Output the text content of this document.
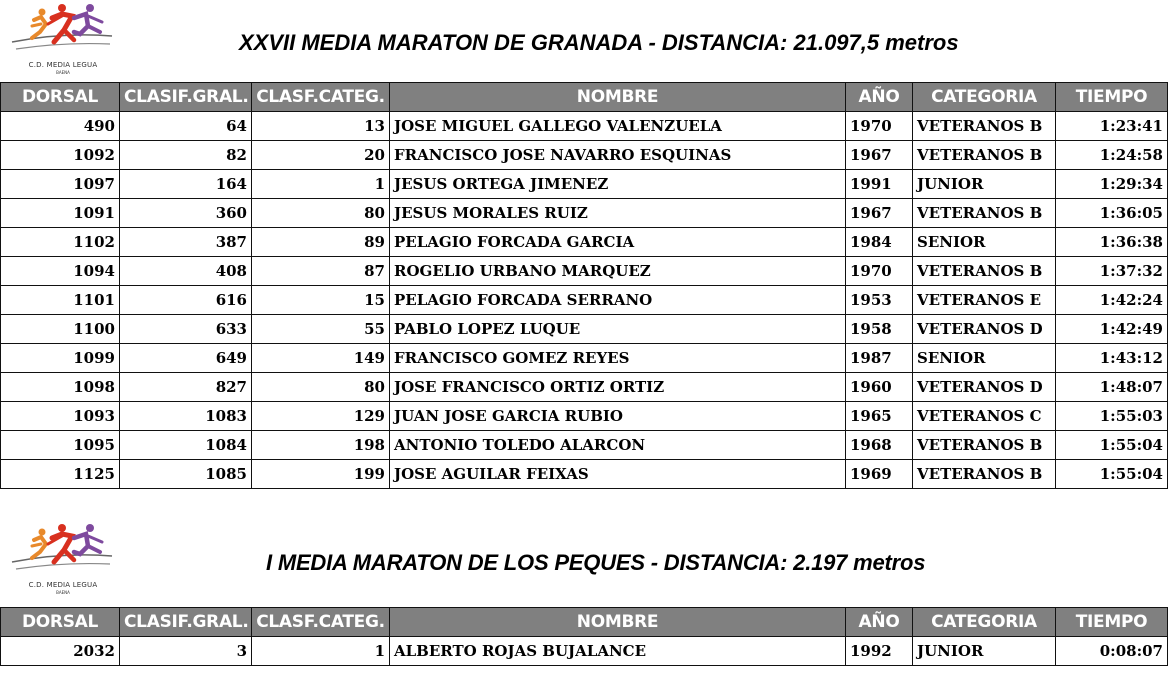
C.D. MEDIA LEGUA
BAENA
XXVII MEDIA MARATON DE GRANADA - DISTANCIA: 21.097,5 metros
DORSAL	CLASIF.GRAL.	CLASF.CATEG.	NOMBRE	AÑO	CATEGORIA	TIEMPO
490	64	13	JOSE MIGUEL GALLEGO VALENZUELA	1970	VETERANOS B	1:23:41
1092	82	20	FRANCISCO JOSE NAVARRO ESQUINAS	1967	VETERANOS B	1:24:58
1097	164	1	JESUS ORTEGA JIMENEZ	1991	JUNIOR	1:29:34
1091	360	80	JESUS MORALES RUIZ	1967	VETERANOS B	1:36:05
1102	387	89	PELAGIO FORCADA GARCIA	1984	SENIOR	1:36:38
1094	408	87	ROGELIO URBANO MARQUEZ	1970	VETERANOS B	1:37:32
1101	616	15	PELAGIO FORCADA SERRANO	1953	VETERANOS E	1:42:24
1100	633	55	PABLO LOPEZ LUQUE	1958	VETERANOS D	1:42:49
1099	649	149	FRANCISCO GOMEZ REYES	1987	SENIOR	1:43:12
1098	827	80	JOSE FRANCISCO ORTIZ ORTIZ	1960	VETERANOS D	1:48:07
1093	1083	129	JUAN JOSE GARCIA RUBIO	1965	VETERANOS C	1:55:03
1095	1084	198	ANTONIO TOLEDO ALARCON	1968	VETERANOS B	1:55:04
1125	1085	199	JOSE AGUILAR FEIXAS	1969	VETERANOS B	1:55:04
C.D. MEDIA LEGUA
BAENA
I MEDIA MARATON DE LOS PEQUES - DISTANCIA: 2.197 metros
DORSAL	CLASIF.GRAL.	CLASF.CATEG.	NOMBRE	AÑO	CATEGORIA	TIEMPO
2032	3	1	ALBERTO ROJAS BUJALANCE	1992	JUNIOR	0:08:07
